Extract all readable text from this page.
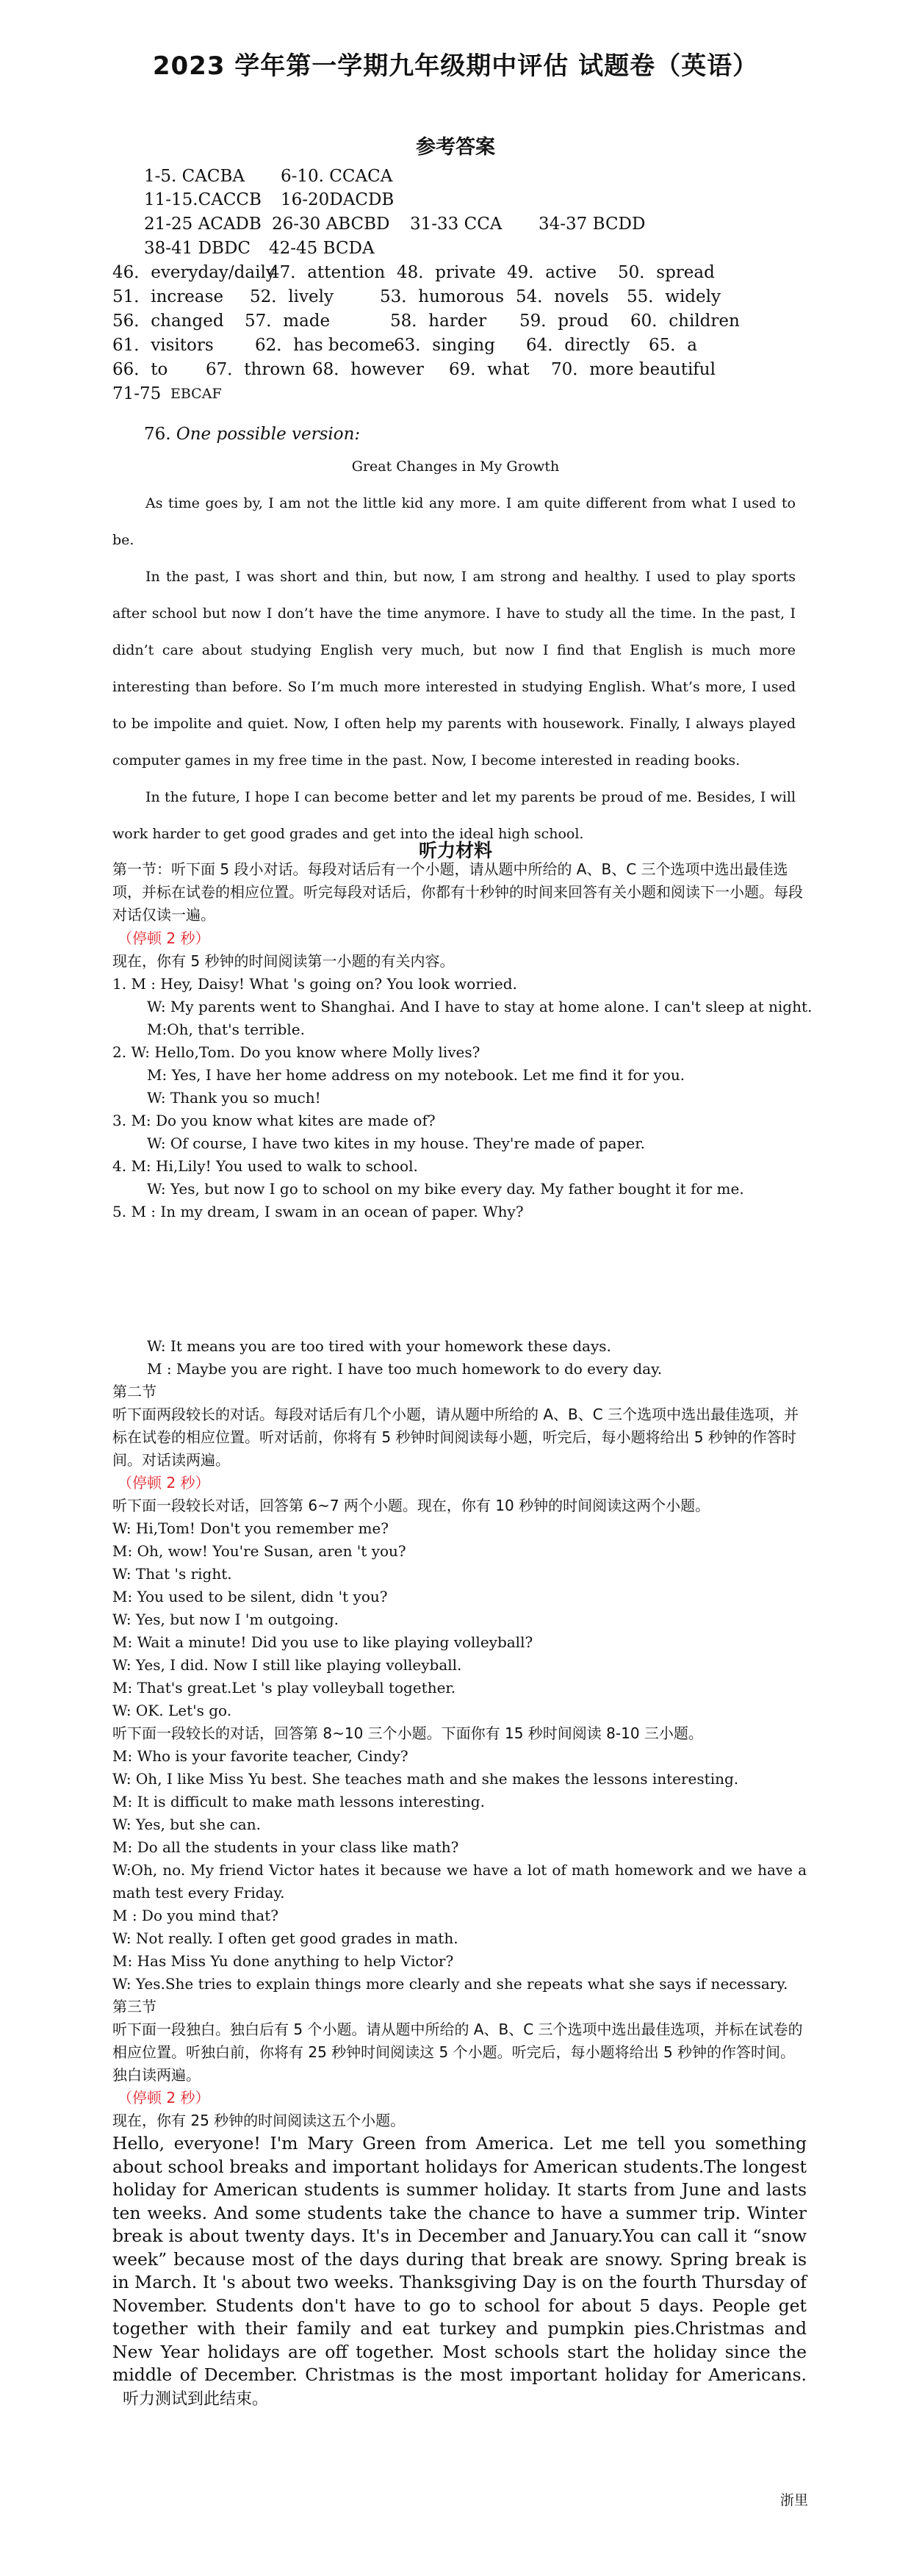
2023 学年第一学期九年级期中评估 试题卷（英语）
参考答案
1-5. CACBA 6-10. CCACA
11-15.CACCB 16-20DACDB
21-25 ACADB 26-30 ABCBD 31-33 CCA 34-37 BCDD
38-41 DBDC 42-45 BCDA
46．everyday/daily
47．attention 48．private 49．active 50．spread
51．increase 52．lively	53．humorous 54．novels 55．widely
56．changed 57．made	58．harder 59．proud 60．children
61．visitors 62．has become
63．singing 64．directly 65．a
66．to 67．thrown 68．however 69．what 70．more beautiful
71-75 EBCAF
76. One possible version:
Great Changes in My Growth

As time goes by, I am not the little kid any more. I am quite different from what I used to be.

In the past, I was short and thin, but now, I am strong and healthy. I used to play sports after school but now I don’t have the time anymore. I have to study all the time. In the past, I didn’t care about studying English very much, but now I find that English is much more interesting than before. So I’m much more interested in studying English. What’s more, I used to be impolite and quiet. Now, I often help my parents with housework. Finally, I always played computer games in my free time in the past. Now, I become interested in reading books.

In the future, I hope I can become better and let my parents be proud of me. Besides, I will work harder to get good grades and get into the ideal high school.

听力材料
第一节：听下面 5 段小对话。每段对话后有一个小题，请从题中所给的 A、B、C 三个选项中选出最佳选项，并标在试卷的相应位置。听完每段对话后，你都有十秒钟的时间来回答有关小题和阅读下一小题。每段对话仅读一遍。
（停顿 2 秒）
现在，你有 5 秒钟的时间阅读第一小题的有关内容。
1. M : Hey, Daisy! What 's going on? You look worried.
W: My parents went to Shanghai. And I have to stay at home alone. I can't sleep at night.
M:Oh, that's terrible.
2. W: Hello,Tom. Do you know where Molly lives?
M: Yes, I have her home address on my notebook. Let me find it for you.
W: Thank you so much!
3. M: Do you know what kites are made of?
W: Of course, I have two kites in my house. They're made of paper.
4. M: Hi,Lily! You used to walk to school.
W: Yes, but now I go to school on my bike every day. My father bought it for me.
5. M : In my dream, I swam in an ocean of paper. Why?
W: It means you are too tired with your homework these days.
M : Maybe you are right. I have too much homework to do every day.
第二节
听下面两段较长的对话。每段对话后有几个小题，请从题中所给的 A、B、C 三个选项中选出最佳选项，并标在试卷的相应位置。听对话前，你将有 5 秒钟时间阅读每小题，听完后，每小题将给出 5 秒钟的作答时间。对话读两遍。
（停顿 2 秒）
听下面一段较长对话，回答第 6~7 两个小题。现在，你有 10 秒钟的时间阅读这两个小题。
W: Hi,Tom! Don't you remember me?
M: Oh, wow! You're Susan, aren 't you?
W: That 's right.
M: You used to be silent, didn 't you?
W: Yes, but now I 'm outgoing.
M: Wait a minute! Did you use to like playing volleyball?
W: Yes, I did. Now I still like playing volleyball.
M: That's great.Let 's play volleyball together.
W: OK. Let's go.
听下面一段较长的对话，回答第 8~10 三个小题。下面你有 15 秒时间阅读 8-10 三小题。
M: Who is your favorite teacher, Cindy?
W: Oh, I like Miss Yu best. She teaches math and she makes the lessons interesting.
M: It is difficult to make math lessons interesting.
W: Yes, but she can.
M: Do all the students in your class like math?
W:Oh, no. My friend Victor hates it because we have a lot of math homework and we have a math test every Friday.
M : Do you mind that?
W: Not really. I often get good grades in math.
M: Has Miss Yu done anything to help Victor?
W: Yes.She tries to explain things more clearly and she repeats what she says if necessary.
第三节
听下面一段独白。独白后有 5 个小题。请从题中所给的 A、B、C 三个选项中选出最佳选项，并标在试卷的相应位置。听独白前，你将有 25 秒钟时间阅读这 5 个小题。听完后，每小题将给出 5 秒钟的作答时间。独白读两遍。
（停顿 2 秒）
现在，你有 25 秒钟的时间阅读这五个小题。
Hello, everyone! I'm Mary Green from America. Let me tell you something about school breaks and important holidays for American students.The longest holiday for American students is summer holiday. It starts from June and lasts ten weeks. And some students take the chance to have a summer trip. Winter break is about twenty days. It's in December and January.You can call it “snow week” because most of the days during that break are snowy. Spring break is in March. It 's about two weeks. Thanksgiving Day is on the fourth Thursday of November. Students don't have to go to school for about 5 days. People get together with their family and eat turkey and pumpkin pies.Christmas and New Year holidays are off together. Most schools start the holiday since the middle of December. Christmas is the most important holiday for Americans. 听力测试到此结束。
浙里
